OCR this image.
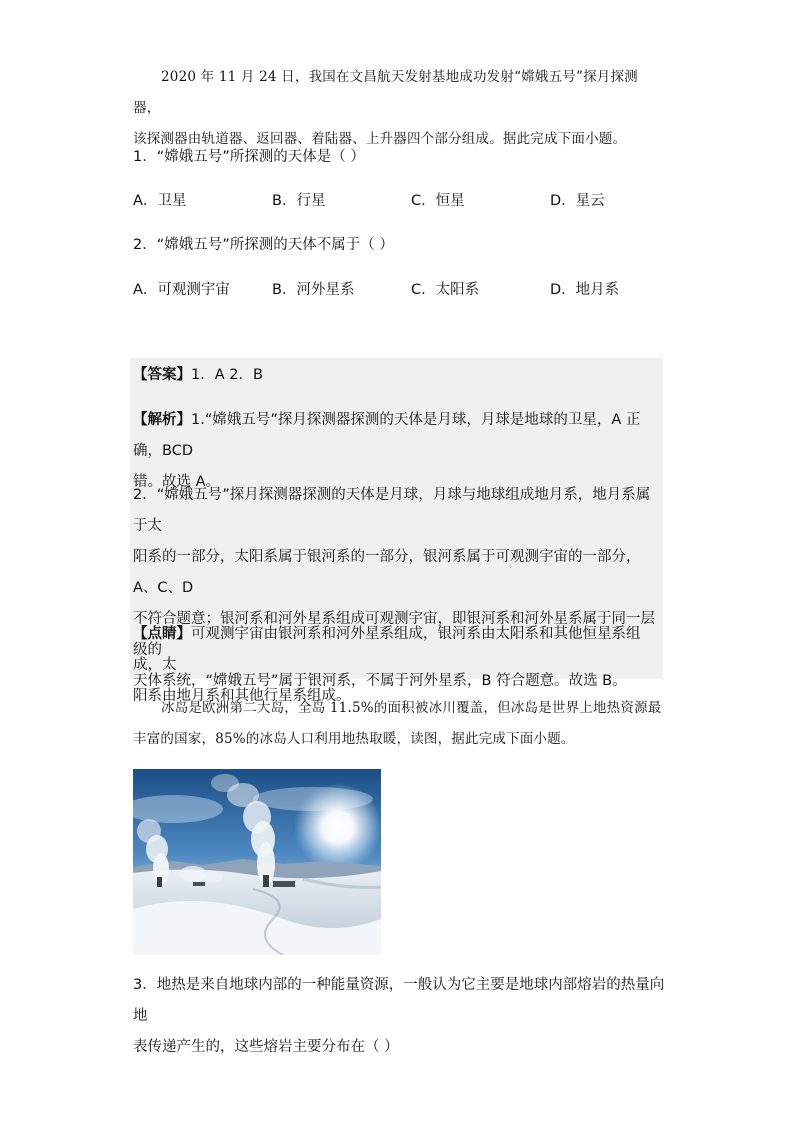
2020 年 11 月 24 日，我国在文昌航天发射基地成功发射“嫦娥五号”探月探测器，
该探测器由轨道器、返回器、着陆器、上升器四个部分组成。据此完成下面小题。
1．“嫦娥五号”所探测的天体是（ ）
A．卫星	B．行星	C．恒星	D．星云
2．“嫦娥五号”所探测的天体不属于（ ）
A．可观测宇宙	B．河外星系	C．太阳系	D．地月系
【答案】1．A 2．B
【解析】1.“嫦娥五号”探月探测器探测的天体是月球，月球是地球的卫星，A 正确，BCD
错。故选 A。
2．“嫦娥五号”探月探测器探测的天体是月球，月球与地球组成地月系，地月系属于太
阳系的一部分，太阳系属于银河系的一部分，银河系属于可观测宇宙的一部分，A、C、D
不符合题意；银河系和河外星系组成可观测宇宙，即银河系和河外星系属于同一层级的
天体系统，“嫦娥五号”属于银河系，不属于河外星系，B 符合题意。故选 B。
【点睛】可观测宇宙由银河系和河外星系组成，银河系由太阳系和其他恒星系组成，太
阳系由地月系和其他行星系组成。
冰岛是欧洲第二大岛，全岛 11.5%的面积被冰川覆盖，但冰岛是世界上地热资源最
丰富的国家，85%的冰岛人口利用地热取暖，读图，据此完成下面小题。
3．地热是来自地球内部的一种能量资源，一般认为它主要是地球内部熔岩的热量向地
表传递产生的，这些熔岩主要分布在（ ）
